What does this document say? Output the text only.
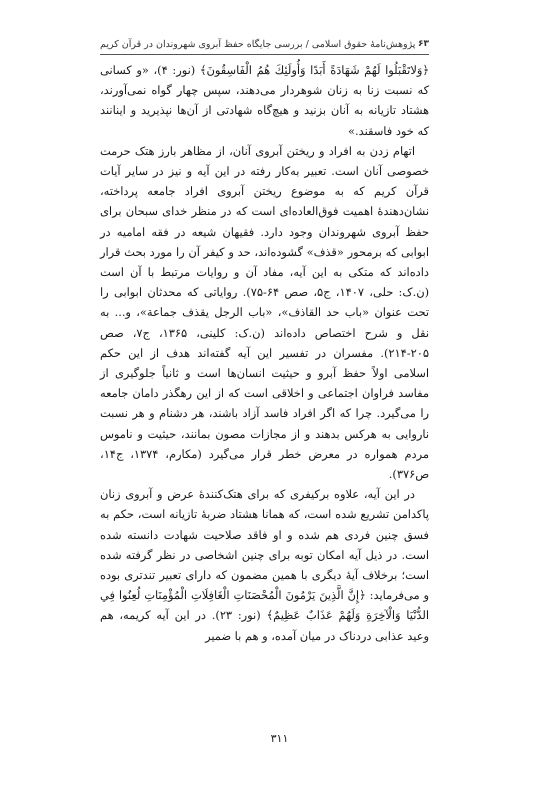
۶۳
پژوهش‌نامهٔ حقوق اسلامی / بررسی جایگاه حفظ آبروی شهروندان در قرآن کریم

﴿وَلاتَقْبَلُوا لَهُمْ شَهَادَةً أَبَدًا وَأُولَئِكَ هُمُ الْفَاسِقُونَ﴾ (نور: ۴)، «و کسانی که نسبت زنا به زنان شوهردار می‌دهند، سپس چهار گواه نمی‌آورند، هشتاد تازیانه به آنان بزنید و هیچ‌گاه شهادتی از آن‌ها نپذیرید و اینانند که خود فاسقند.»

اتهام زدن به افراد و ریختن آبروی آنان، از مظاهر بارز هتک حرمت خصوصی آنان است. تعبیر به‌کار رفته در این آیه و نیز در سایر آیات قرآن کریم که به موضوع ریختن آبروی افراد جامعه پرداخته، نشان‌دهندهٔ اهمیت فوق‌العاده‌ای است که در منظر خدای سبحان برای حفظ آبروی شهروندان وجود دارد. فقیهان شیعه در فقه امامیه در ابوابی که برمحور «قذف» گشوده‌اند، حد و کیفر آن را مورد بحث قرار داده‌اند که متکی به این آیه، مفاد آن و روایات مرتبط با آن است (ن.ک: حلی، ۱۴۰۷، ج۵، صص ۶۴-۷۵). روایاتی که محدثان ابوابی را تحت عنوان «باب حد القاذف»، «باب الرجل یقذف جماعة»، و... به نقل و شرح اختصاص داده‌اند (ن.ک: کلینی، ۱۳۶۵، ج۷، صص ۲۰۵-۲۱۴). مفسران در تفسیر این آیه گفته‌اند هدف از این حکم اسلامی اولاً حفظ آبرو و حیثیت انسان‌ها است و ثانیاً جلوگیری از مفاسد فراوان اجتماعی و اخلاقی است که از این رهگذر دامان جامعه را می‌گیرد. چرا که اگر افراد فاسد آزاد باشند، هر دشنام و هر نسبت ناروایی به هرکس بدهند و از مجازات مصون بمانند، حیثیت و ناموس مردم همواره در معرض خطر قرار می‌گیرد (مکارم، ۱۳۷۴، ج۱۴، ص۳۷۶).

در این آیه، علاوه برکیفری که برای هتک‌کنندهٔ عرض و آبروی زنان پاکدامن تشریع شده است، که همانا هشتاد ضربهٔ تازیانه است، حکم به فسق چنین فردی هم شده و او فاقد صلاحیت شهادت دانسته شده است. در ذیل آیه امکان توبه برای چنین اشخاصی در نظر گرفته شده است؛ برخلاف آیهٔ دیگری با همین مضمون که دارای تعبیر تندتری بوده و می‌فرماید: ﴿إِنَّ الَّذِينَ يَرْمُونَ الْمُحْصَنَاتِ الْغَافِلَاتِ الْمُؤْمِنَاتِ لُعِنُوا فِي الدُّنْيَا وَالْآخِرَةِ وَلَهُمْ عَذَابٌ عَظِيمٌ﴾ (نور: ۲۳). در این آیه کریمه، هم وعید عذابی دردناک در میان آمده، و هم با ضمیر

۳۱۱
